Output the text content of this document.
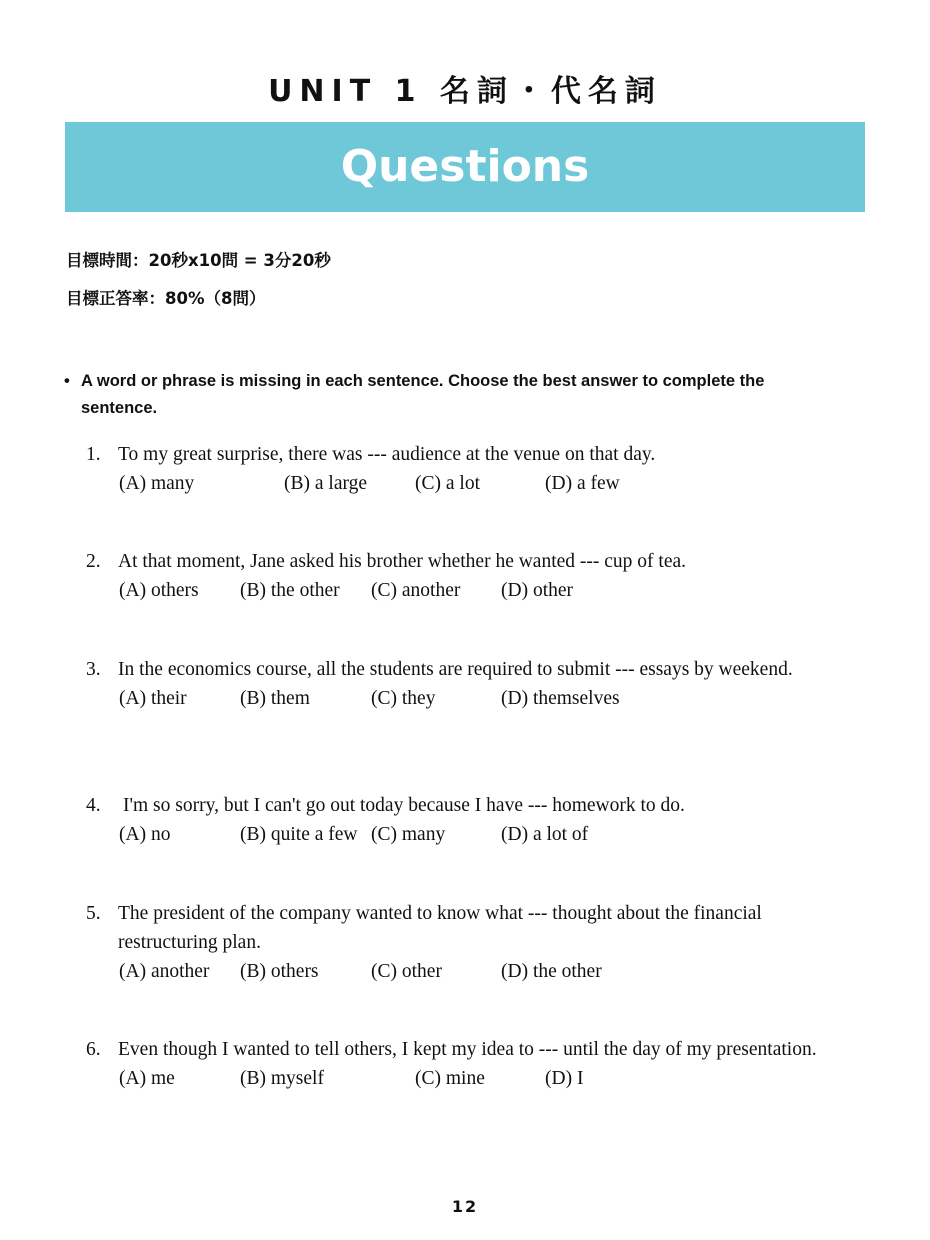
UNIT 1 名詞・代名詞
Questions
目標時間：20秒x10問 = 3分20秒
目標正答率：80%（8問）
• A word or phrase is missing in each sentence. Choose the best answer to complete the sentence.
1. To my great surprise, there was --- audience at the venue on that day.
(A) many	(B) a large (C) a lot	(D) a few
2. At that moment, Jane asked his brother whether he wanted --- cup of tea.
(A) others (B) the other (C) another (D) other
3. In the economics course, all the students are required to submit --- essays by weekend.
(A) their	(B) them	(C) they	(D) themselves
4. I'm so sorry, but I can't go out today because I have --- homework to do.
(A) no	(B) quite a few (C) many	(D) a lot of
5. The president of the company wanted to know what --- thought about the financial restructuring plan.
(A) another (B) others	(C) other	(D) the other
6. Even though I wanted to tell others, I kept my idea to --- until the day of my presentation.
(A) me	(B) myself	(C) mine	(D) I
12
